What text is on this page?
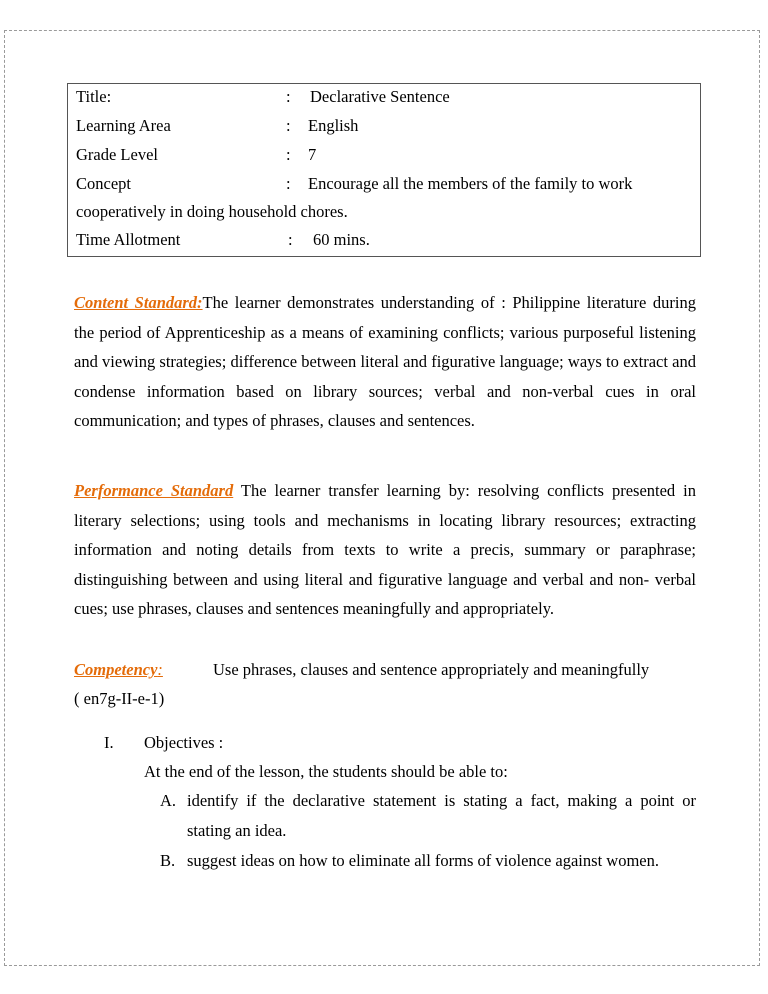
Title:	: Declarative Sentence
Learning Area	: English
Grade Level	: 7
Concept	: Encourage all the members of the family to work
cooperatively in doing household chores.
Time Allotment	: 60 mins.

Content Standard:The learner demonstrates understanding of : Philippine literature during the period of Apprenticeship as a means of examining conflicts; various purposeful listening and viewing strategies; difference between literal and figurative language; ways to extract and condense information based on library sources; verbal and non-verbal cues in oral communication; and types of phrases, clauses and sentences.

Performance Standard The learner transfer learning by: resolving conflicts presented in literary selections; using tools and mechanisms in locating library resources; extracting information and noting details from texts to write a precis, summary or paraphrase; distinguishing between and using literal and figurative language and verbal and non- verbal cues; use phrases, clauses and sentences meaningfully and appropriately.

Competency:	Use phrases, clauses and sentence appropriately and meaningfully
( en7g-II-e-1)
I. Objectives :
At the end of the lesson, the students should be able to:
A. identify if the declarative statement is stating a fact, making a point or stating an idea.
B. suggest ideas on how to eliminate all forms of violence against women.
